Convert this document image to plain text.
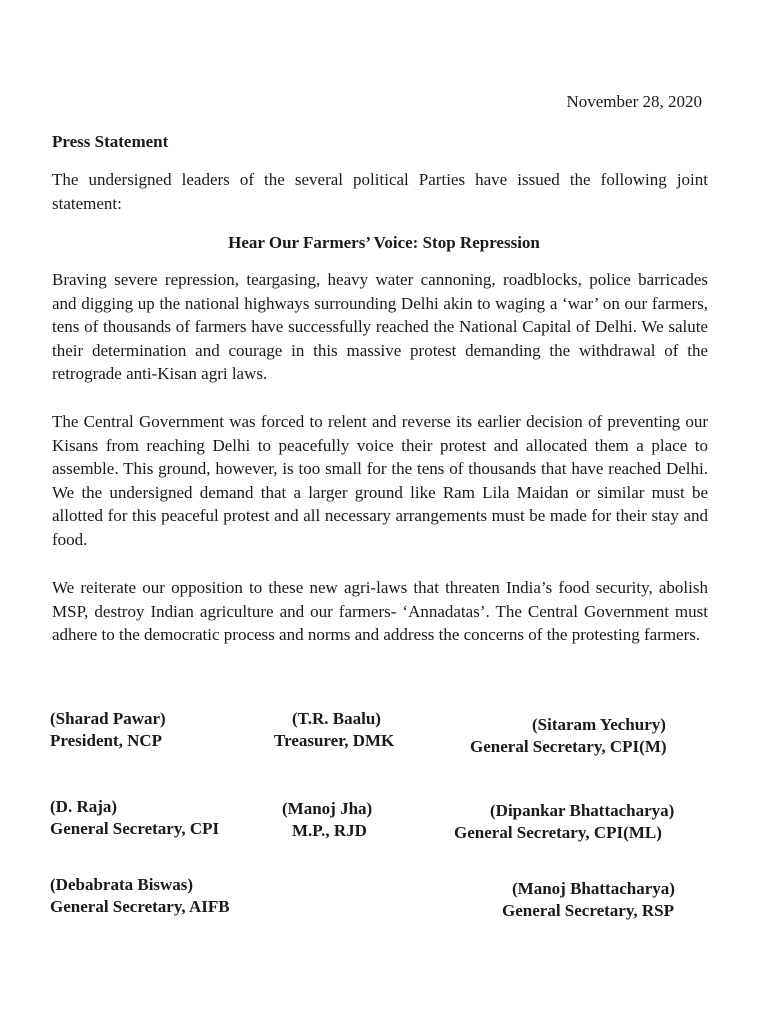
November 28, 2020
Press Statement

The undersigned leaders of the several political Parties have issued the following joint statement:

Hear Our Farmers’ Voice: Stop Repression

Braving severe repression, teargasing, heavy water cannoning, roadblocks, police barricades and digging up the national highways surrounding Delhi akin to waging a ‘war’ on our farmers, tens of thousands of farmers have successfully reached the National Capital of Delhi. We salute their determination and courage in this massive protest demanding the withdrawal of the retrograde anti-Kisan agri laws.

The Central Government was forced to relent and reverse its earlier decision of preventing our Kisans from reaching Delhi to peacefully voice their protest and allocated them a place to assemble. This ground, however, is too small for the tens of thousands that have reached Delhi. We the undersigned demand that a larger ground like Ram Lila Maidan or similar must be allotted for this peaceful protest and all necessary arrangements must be made for their stay and food.

We reiterate our opposition to these new agri-laws that threaten India’s food security, abolish MSP, destroy Indian agriculture and our farmers- ‘Annadatas’. The Central Government must adhere to the democratic process and norms and address the concerns of the protesting farmers.

(Sharad Pawar)
President, NCP
(T.R. Baalu)
Treasurer, DMK
(Sitaram Yechury)
General Secretary, CPI(M)
(D. Raja)
General Secretary, CPI
(Manoj Jha)
M.P., RJD
(Dipankar Bhattacharya)
General Secretary, CPI(ML)
(Debabrata Biswas)
General Secretary, AIFB
(Manoj Bhattacharya)
General Secretary, RSP
